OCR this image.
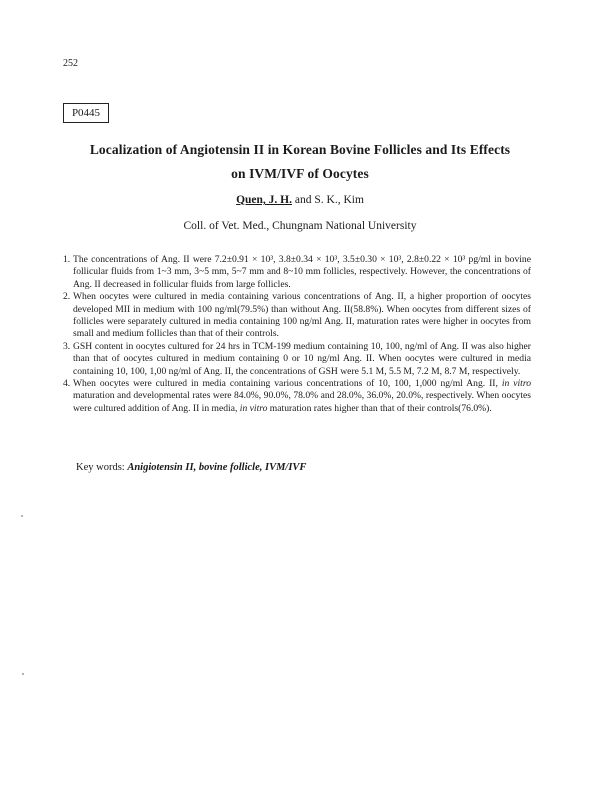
252
P0445
Localization of Angiotensin II in Korean Bovine Follicles and Its Effects
on IVM/IVF of Oocytes
Quen, J. H. and S. K., Kim
Coll. of Vet. Med., Chungnam National University
1. The concentrations of Ang. II were 7.2±0.91 × 10³, 3.8±0.34 × 10³, 3.5±0.30 × 10³, 2.8±0.22 × 10³ pg/ml in bovine follicular fluids from 1~3 mm, 3~5 mm, 5~7 mm and 8~10 mm follicles, respectively. However, the concentrations of Ang. II decreased in follicular fluids from large follicles.
2. When oocytes were cultured in media containing various concentrations of Ang. II, a higher proportion of oocytes developed MII in medium with 100 ng/ml(79.5%) than without Ang. II(58.8%). When oocytes from different sizes of follicles were separately cultured in media containing 100 ng/ml Ang. II, maturation rates were higher in oocytes from small and medium follicles than that of their controls.
3. GSH content in oocytes cultured for 24 hrs in TCM-199 medium containing 10, 100, ng/ml of Ang. II was also higher than that of oocytes cultured in medium containing 0 or 10 ng/ml Ang. II. When oocytes were cultured in media containing 10, 100, 1,00 ng/ml of Ang. II, the concentrations of GSH were 5.1 M, 5.5 M, 7.2 M, 8.7 M, respectively.
4. When oocytes were cultured in media containing various concentrations of 10, 100, 1,000 ng/ml Ang. II, in vitro maturation and developmental rates were 84.0%, 90.0%, 78.0% and 28.0%, 36.0%, 20.0%, respectively. When oocytes were cultured addition of Ang. II in media, in vitro maturation rates higher than that of their controls(76.0%).
Key words: Anigiotensin II, bovine follicle, IVM/IVF
